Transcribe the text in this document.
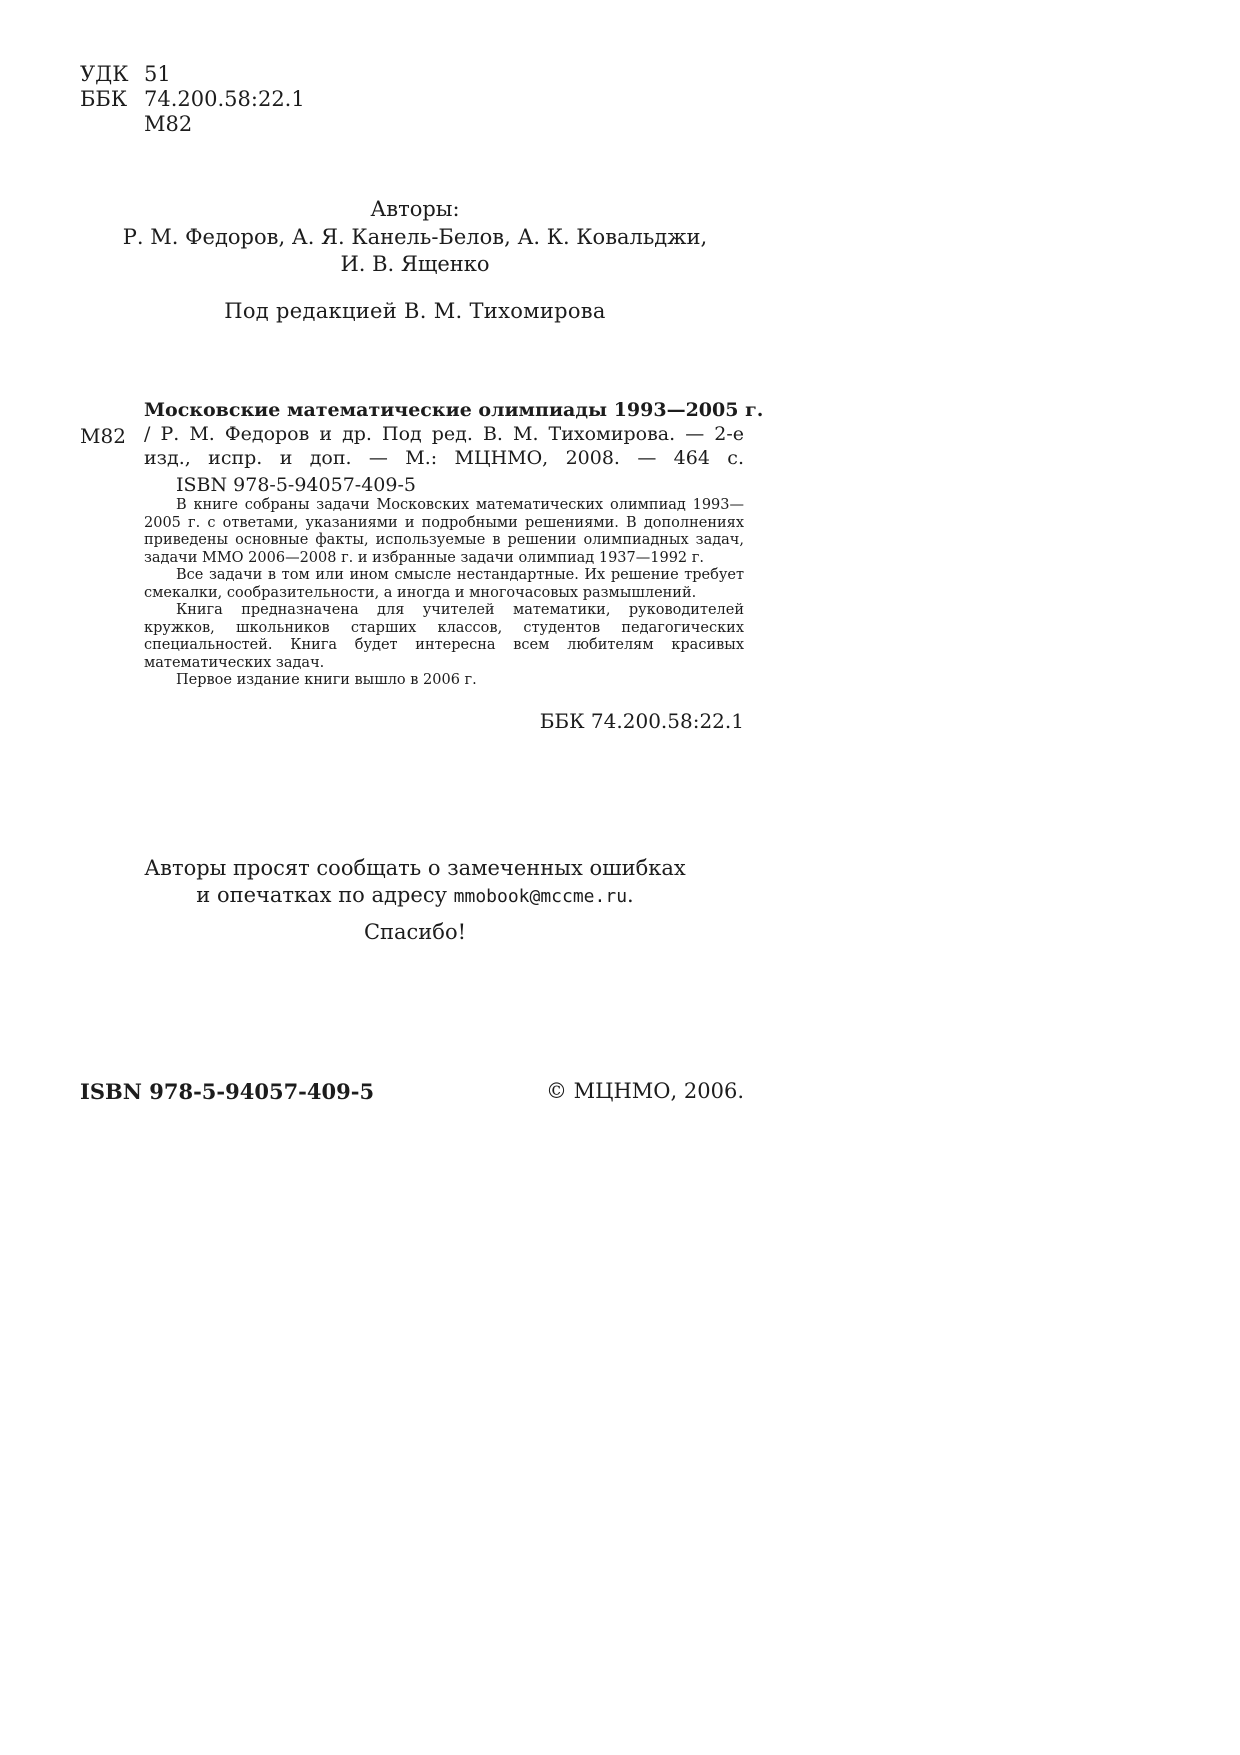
УДК 51
ББК 74.200.58:22.1
М82
Авторы:
Р. М. Федоров, А. Я. Канель-Белов, А. К. Ковальджи,
И. В. Ященко
Под редакцией В. М. Тихомирова
М82
Московские математические олимпиады 1993—2005 г.
/ Р. М. Федоров и др. Под ред. В. М. Тихомирова. — 2-е изд., испр. и доп. — М.: МЦНМО, 2008. — 464 с.
ISBN 978-5-94057-409-5

В книге собраны задачи Московских математических олимпиад 1993—2005 г. с ответами, указаниями и подробными решениями. В дополнениях приведены основные факты, используемые в решении олимпиадных задач, задачи ММО 2006—2008 г. и избранные задачи олимпиад 1937—1992 г.

Все задачи в том или ином смысле нестандартные. Их решение требует смекалки, сообразительности, а иногда и многочасовых размышлений.

Книга предназначена для учителей математики, руководителей кружков, школьников старших классов, студентов педагогических специальностей. Книга будет интересна всем любителям красивых математических задач.

Первое издание книги вышло в 2006 г.

ББК 74.200.58:22.1
Авторы просят сообщать о замеченных ошибках
и опечатках по адресу mmobook@mccme.ru.
Спасибо!
ISBN 978-5-94057-409-5	© МЦНМО, 2006.
